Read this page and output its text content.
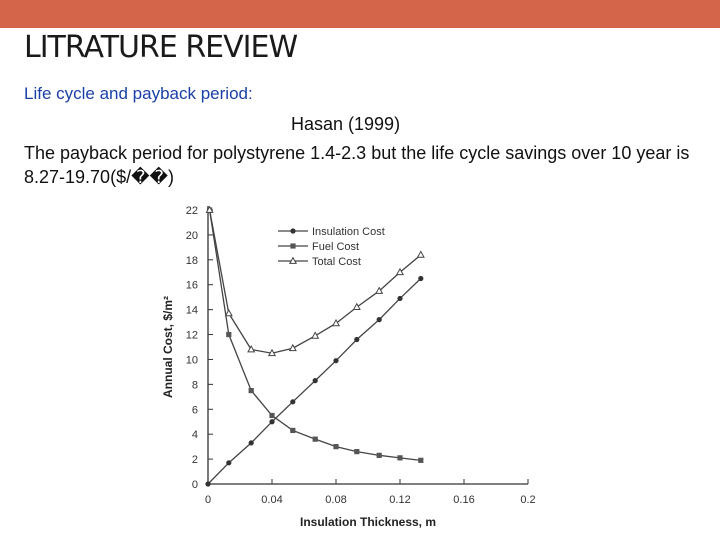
LITRATURE REVIEW
Life cycle and payback period:
Hasan (1999)
The payback period for polystyrene 1.4-2.3 but the life cycle savings over 10 year is 8.27-19.70($/��)
0
2
4
6
8
10
12
14
16
18
20
22
0	0.04	0.08	0.12	0.16	0.2
Insulation Thickness, m
Annual Cost, $/m²
Insulation Cost
Fuel Cost
Total Cost
